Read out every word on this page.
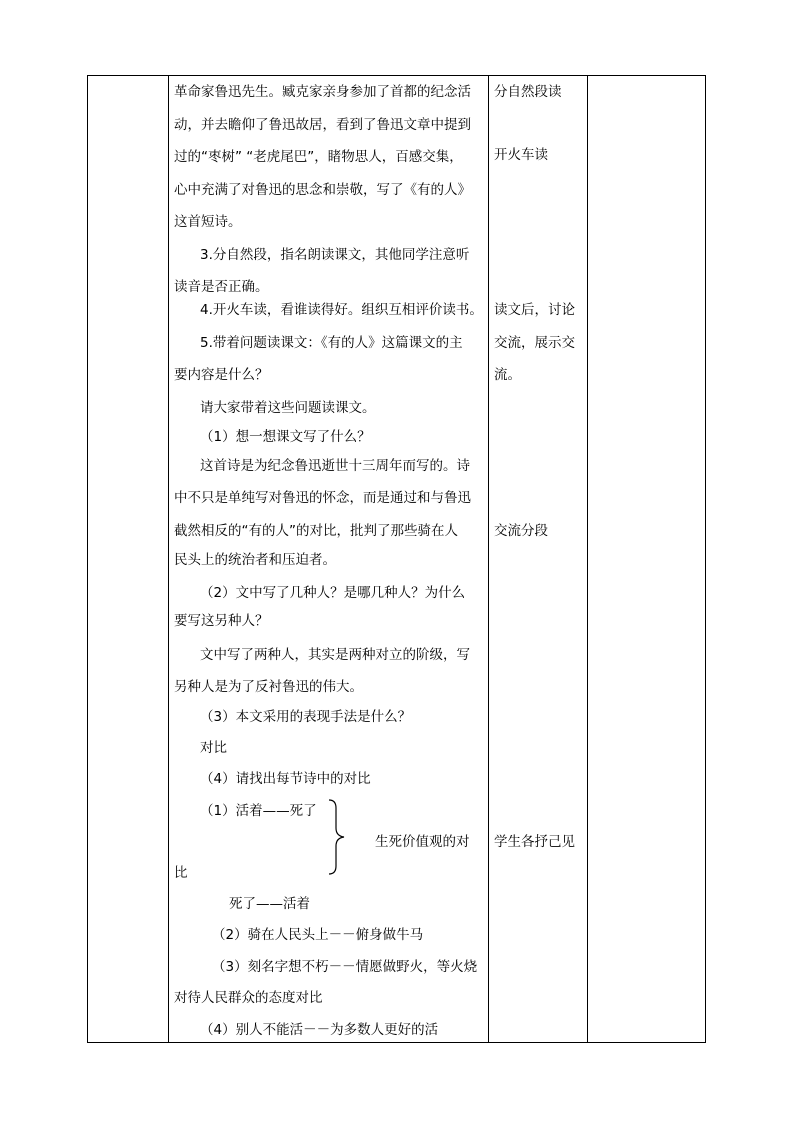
革命家鲁迅先生。臧克家亲身参加了首都的纪念活
动，并去瞻仰了鲁迅故居，看到了鲁迅文章中提到
过的“枣树” “老虎尾巴”，睹物思人，百感交集，
心中充满了对鲁迅的思念和崇敬，写了《有的人》
这首短诗。
3.分自然段，指名朗读课文，其他同学注意听
读音是否正确。
4.开火车读，看谁读得好。组织互相评价读书。
5.带着问题读课文：《有的人》这篇课文的主
要内容是什么？
请大家带着这些问题读课文。
（1）想一想课文写了什么？
这首诗是为纪念鲁迅逝世十三周年而写的。诗
中不只是单纯写对鲁迅的怀念，而是通过和与鲁迅
截然相反的“有的人”的对比，批判了那些骑在人
民头上的统治者和压迫者。
（2）文中写了几种人？是哪几种人？为什么
要写这另种人？
文中写了两种人，其实是两种对立的阶级，写
另种人是为了反衬鲁迅的伟大。
（3）本文采用的表现手法是什么？
对比
（4）请找出每节诗中的对比
（1）活着——死了
生死价值观的对
比
死了——活着
（2）骑在人民头上－－俯身做牛马
（3）刻名字想不朽－－情愿做野火，等火烧
对待人民群众的态度对比
（4）别人不能活－－为多数人更好的活
分自然段读
开火车读
读文后，讨论
交流，展示交
流。
交流分段
学生各抒己见
